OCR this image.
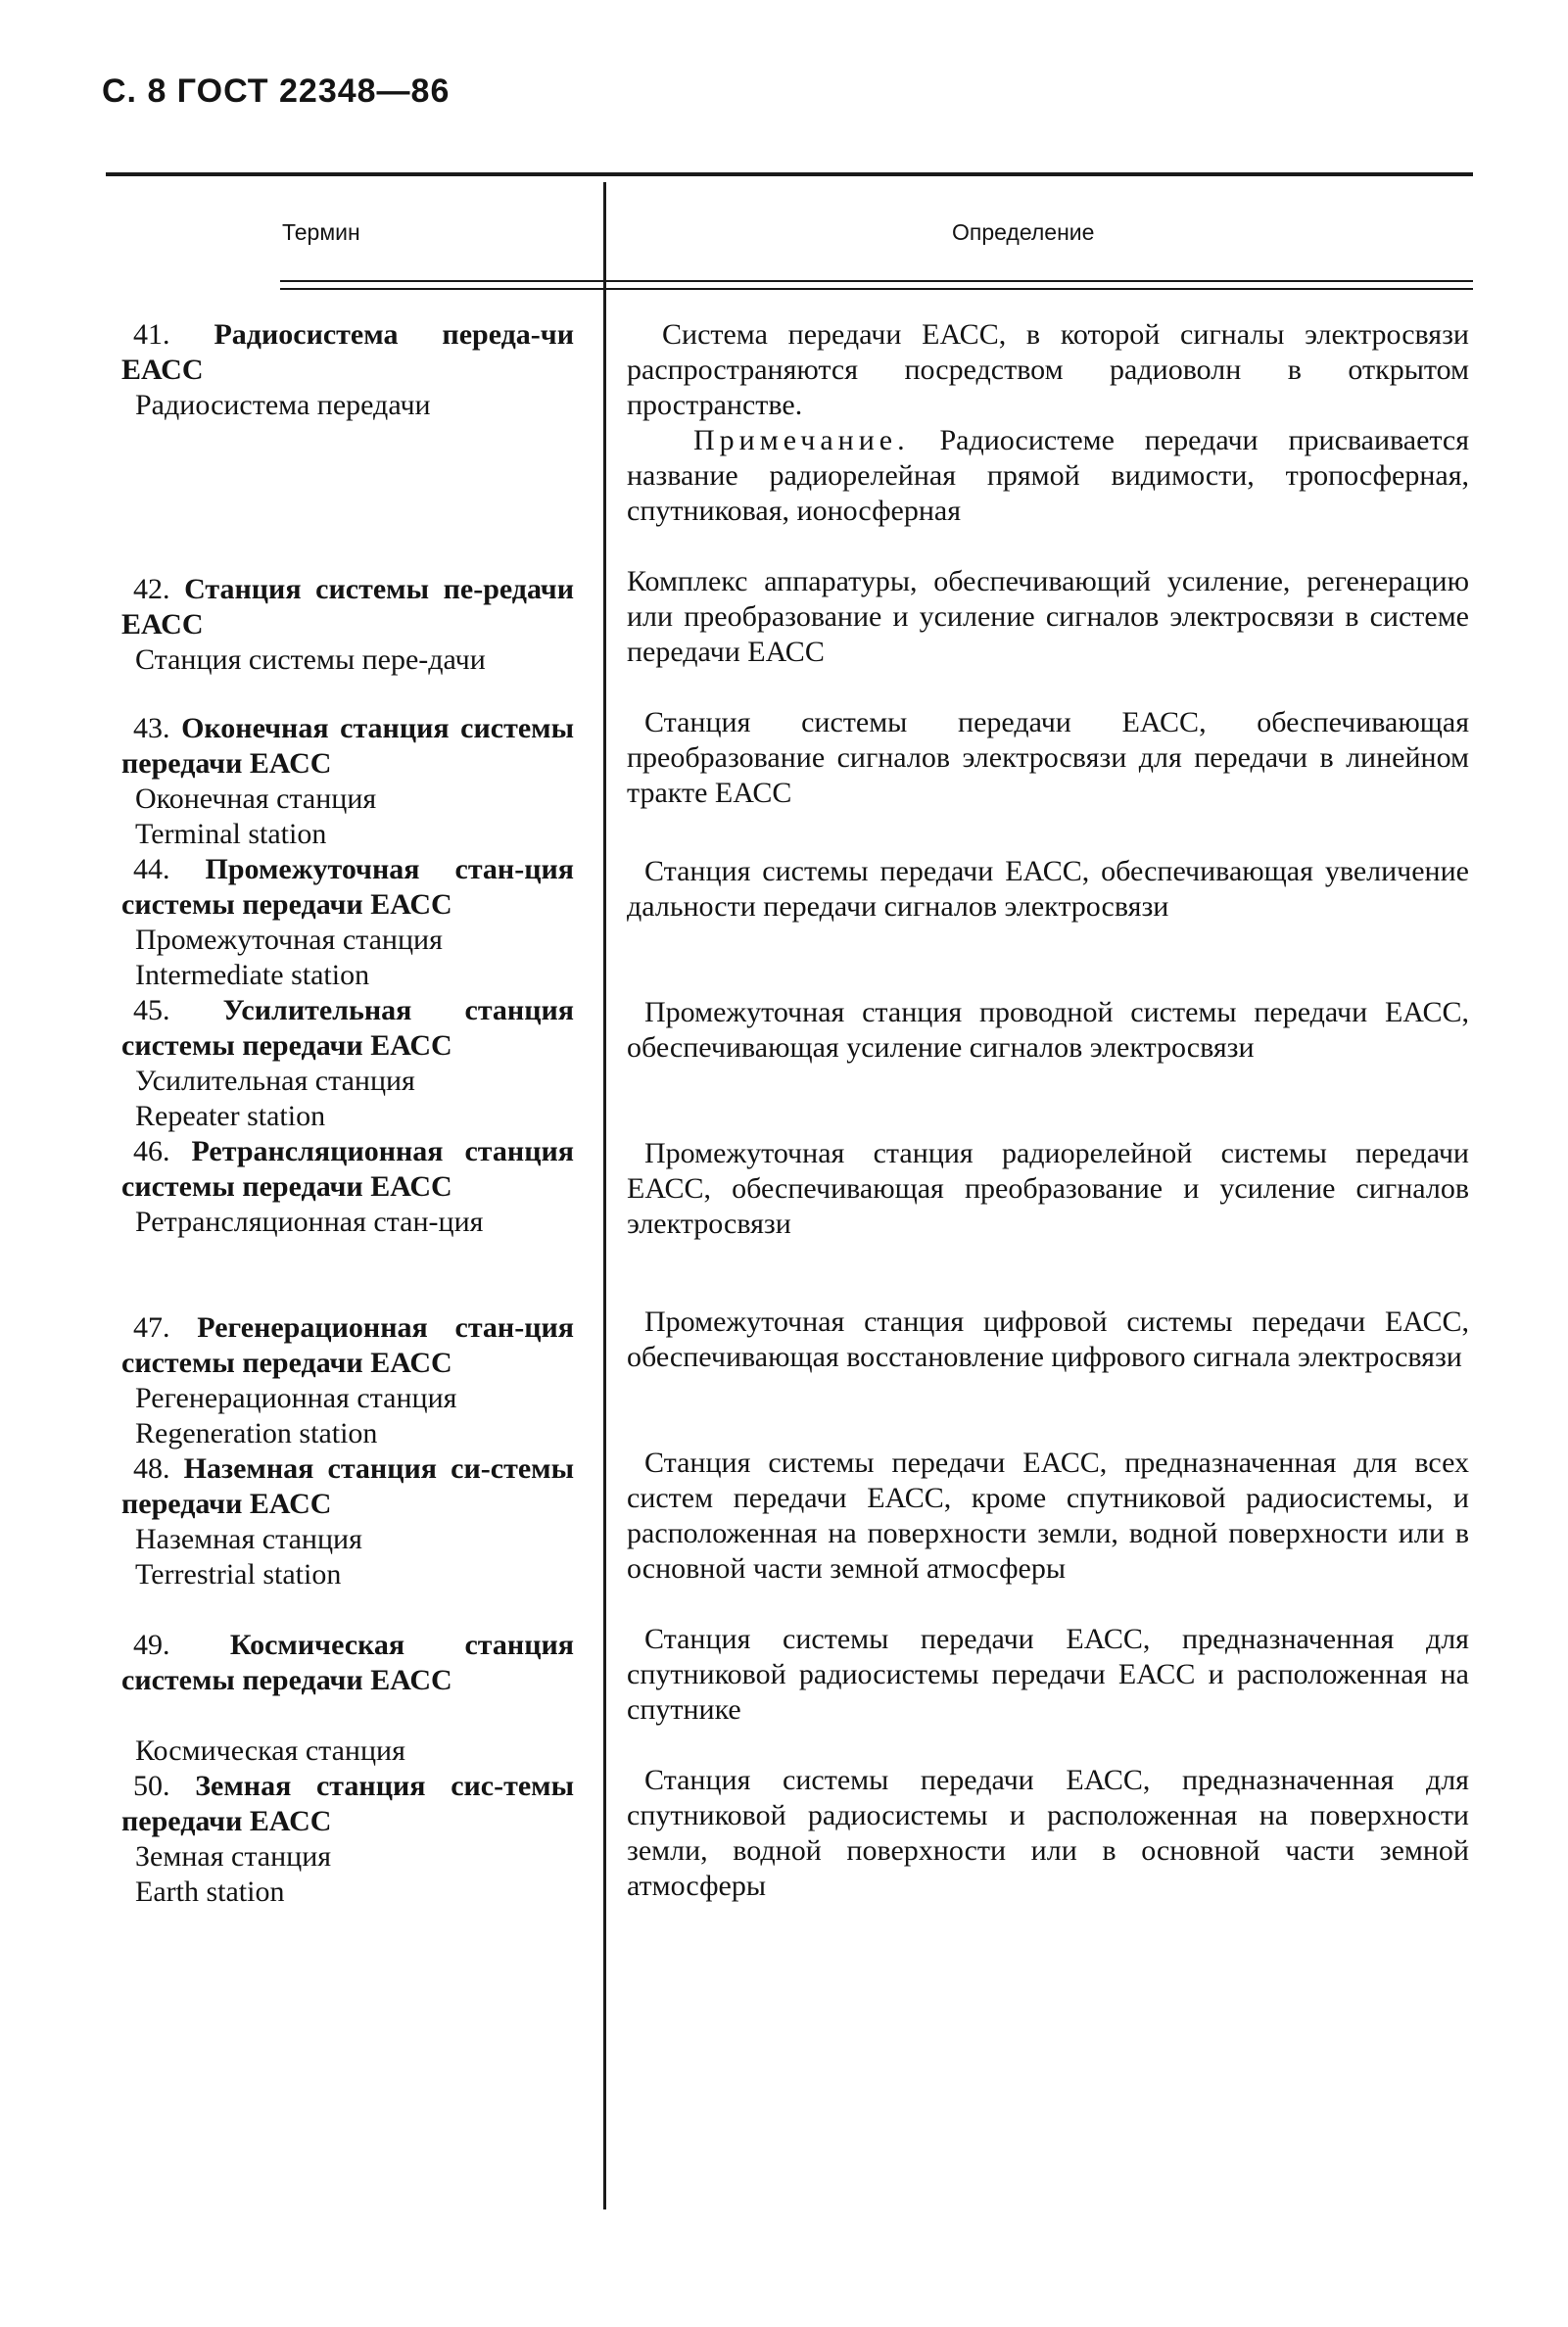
С. 8 ГОСТ 22348—86
Термин	Определение
41. Радиосистема переда-чи ЕАСС
Радиосистема передачи
42. Станция системы пе-редачи ЕАСС
Станция системы пере-дачи
43. Оконечная станция системы передачи ЕАСС
Оконечная станция
Terminal station
44. Промежуточная стан-ция системы передачи ЕАСС
Промежуточная станция
Intermediate station
45. Усилительная станция системы передачи ЕАСС
Усилительная станция
Repeater station
46. Ретрансляционная станция системы передачи ЕАСС
Ретрансляционная стан-ция
47. Регенерационная стан-ция системы передачи ЕАСС
Регенерационная станция
Regeneration station
48. Наземная станция си-стемы передачи ЕАСС
Наземная станция
Terrestrial station
49. Космическая станция системы передачи ЕАСС
Космическая станция
50. Земная станция сис-темы передачи ЕАСС
Земная станция
Earth station
Система передачи ЕАСС, в которой сигналы электросвязи распространяются посредством радиоволн в открытом пространстве.
Примечание. Радиосистеме передачи присваивается название радиорелейная прямой видимости, тропосферная, спутниковая, ионосферная
Комплекс аппаратуры, обеспечивающий усиление, регенерацию или преобразование и усиление сигналов электросвязи в системе передачи ЕАСС
Станция системы передачи ЕАСС, обеспечивающая преобразование сигналов электросвязи для передачи в линейном тракте ЕАСС
Станция системы передачи ЕАСС, обеспечивающая увеличение дальности передачи сигналов электросвязи
Промежуточная станция проводной системы передачи ЕАСС, обеспечивающая усиление сигналов электросвязи
Промежуточная станция радиорелейной системы передачи ЕАСС, обеспечивающая преобразование и усиление сигналов электросвязи
Промежуточная станция цифровой системы передачи ЕАСС, обеспечивающая восстановление цифрового сигнала электросвязи
Станция системы передачи ЕАСС, предназначенная для всех систем передачи ЕАСС, кроме спутниковой радиосистемы, и расположенная на поверхности земли, водной поверхности или в основной части земной атмосферы
Станция системы передачи ЕАСС, предназначенная для спутниковой радиосистемы передачи ЕАСС и расположенная на спутнике
Станция системы передачи ЕАСС, предназначенная для спутниковой радиосистемы и расположенная на поверхности земли, водной поверхности или в основной части земной атмосферы
